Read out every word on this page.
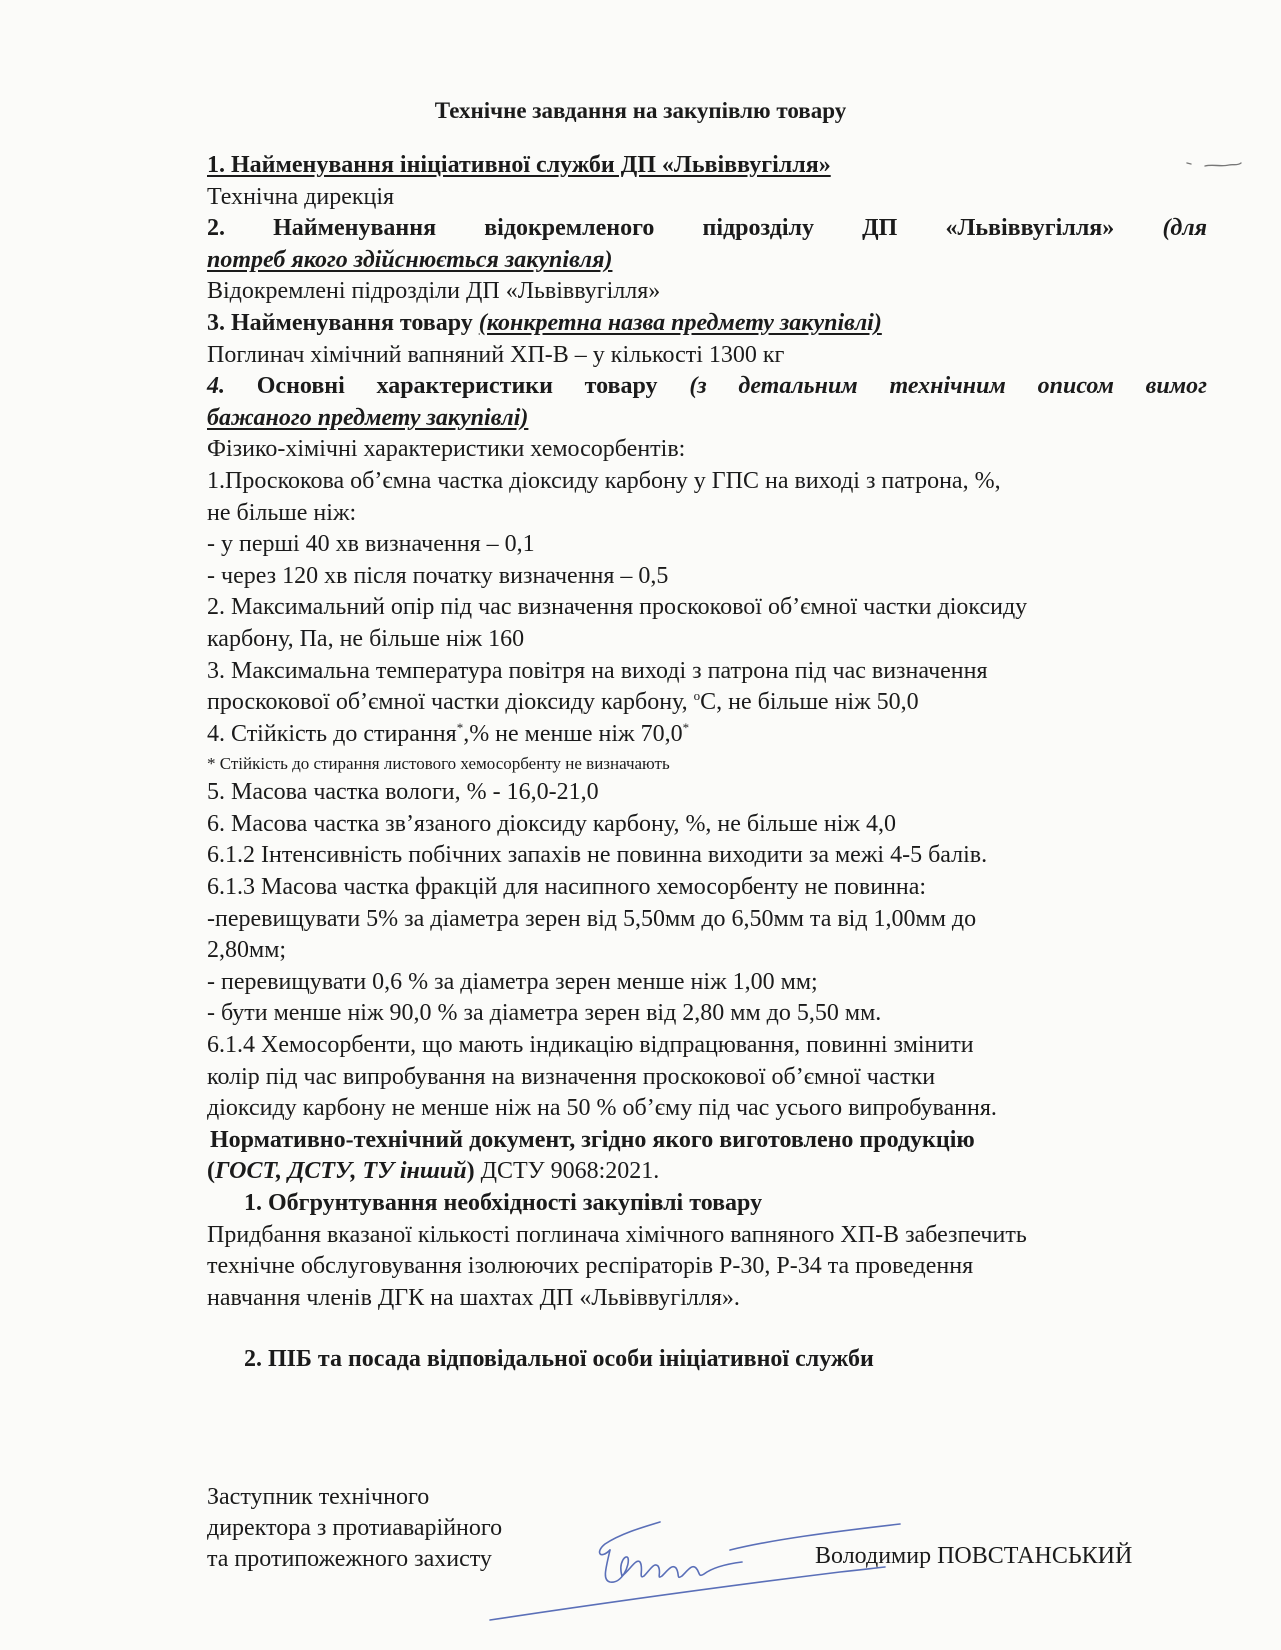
Технічне завдання на закупівлю товару
1. Найменування ініціативної служби ДП «Львіввугілля»
Технічна дирекція
2. Найменування відокремленого підрозділу ДП «Львіввугілля» (для
потреб якого здійснюється закупівля)
Відокремлені підрозділи ДП «Львіввугілля»
3. Найменування товару (конкретна назва предмету закупівлі)
Поглинач хімічний вапняний ХП-В – у кількості 1300 кг
4. Основні характеристики товару (з детальним технічним описом вимог
бажаного предмету закупівлі)
Фізико-хімічні характеристики хемосорбентів:
1.Проскокова об’ємна частка діоксиду карбону у ГПС на виході з патрона, %,
не більше ніж:
- у перші 40 хв визначення – 0,1
- через 120 хв після початку визначення – 0,5
2. Максимальний опір під час визначення проскокової об’ємної частки діоксиду
карбону, Па, не більше ніж 160
3. Максимальна температура повітря на виході з патрона під час визначення
проскокової об’ємної частки діоксиду карбону, $^о$С, не більше ніж 50,0
4. Стійкість до стирання*,% не менше ніж 70,0*
* Стійкість до стирання листового хемосорбенту не визначають
5. Масова частка вологи, % - 16,0-21,0
6. Масова частка зв’язаного діоксиду карбону, %, не більше ніж 4,0
6.1.2 Інтенсивність побічних запахів не повинна виходити за межі 4-5 балів.
6.1.3 Масова частка фракцій для насипного хемосорбенту не повинна:
-перевищувати 5% за діаметра зерен від 5,50мм до 6,50мм та від 1,00мм до
2,80мм;
- перевищувати 0,6 % за діаметра зерен менше ніж 1,00 мм;
- бути менше ніж 90,0 % за діаметра зерен від 2,80 мм до 5,50 мм.
6.1.4 Хемосорбенти, що мають індикацію відпрацювання, повинні змінити
колір під час випробування на визначення проскокової об’ємної частки
діоксиду карбону не менше ніж на 50 % об’єму під час усього випробування.
Нормативно-технічний документ, згідно якого виготовлено продукцію
(ГОСТ, ДСТУ, ТУ інший) ДСТУ 9068:2021.
1. Обгрунтування необхідності закупівлі товару
Придбання вказаної кількості поглинача хімічного вапняного ХП-В забезпечить
технічне обслуговування ізолюючих респіраторів Р-30, Р-34 та проведення
навчання членів ДГК на шахтах ДП «Львіввугілля».
2. ПІБ та посада відповідальної особи ініціативної служби
Заступник технічного
директора з протиаварійного
та протипожежного захисту	Володимир ПОВСТАНСЬКИЙ
